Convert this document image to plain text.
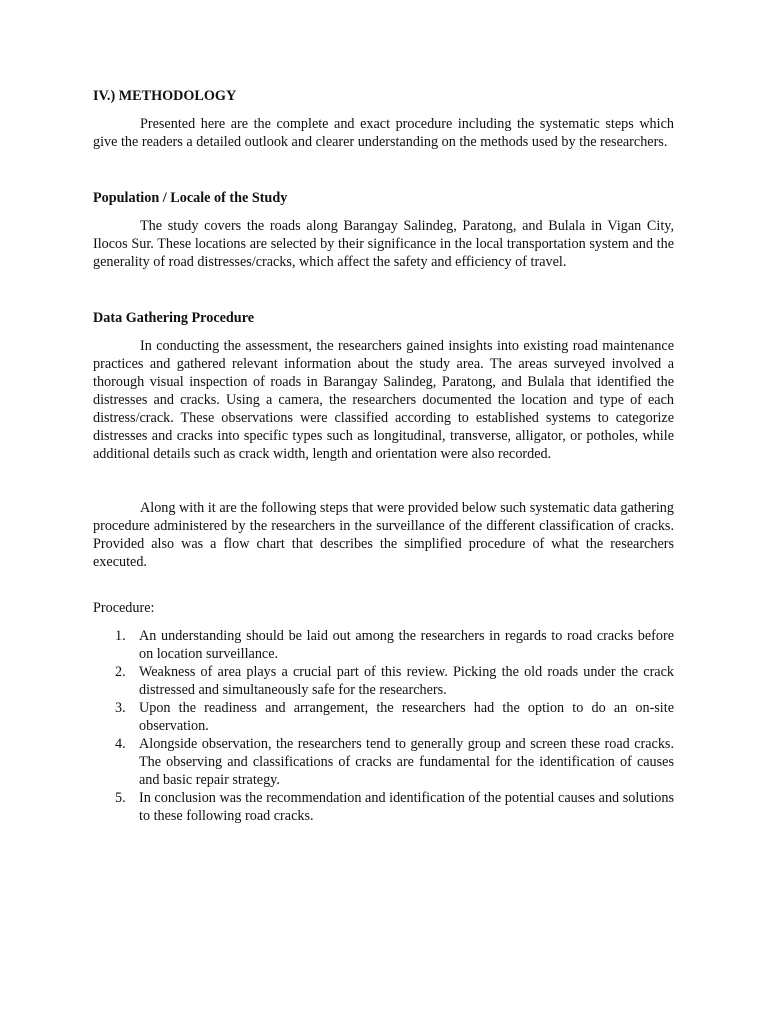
IV.) METHODOLOGY

Presented here are the complete and exact procedure including the systematic steps which give the readers a detailed outlook and clearer understanding on the methods used by the researchers.

Population / Locale of the Study

The study covers the roads along Barangay Salindeg, Paratong, and Bulala in Vigan City, Ilocos Sur. These locations are selected by their significance in the local transportation system and the generality of road distresses/cracks, which affect the safety and efficiency of travel.

Data Gathering Procedure

In conducting the assessment, the researchers gained insights into existing road maintenance practices and gathered relevant information about the study area. The areas surveyed involved a thorough visual inspection of roads in Barangay Salindeg, Paratong, and Bulala that identified the distresses and cracks. Using a camera, the researchers documented the location and type of each distress/crack. These observations were classified according to established systems to categorize distresses and cracks into specific types such as longitudinal, transverse, alligator, or potholes, while additional details such as crack width, length and orientation were also recorded.

Along with it are the following steps that were provided below such systematic data gathering procedure administered by the researchers in the surveillance of the different classification of cracks. Provided also was a flow chart that describes the simplified procedure of what the researchers executed.

Procedure:

1. An understanding should be laid out among the researchers in regards to road cracks before on location surveillance.
2. Weakness of area plays a crucial part of this review. Picking the old roads under the crack distressed and simultaneously safe for the researchers.
3. Upon the readiness and arrangement, the researchers had the option to do an on-site observation.
4. Alongside observation, the researchers tend to generally group and screen these road cracks. The observing and classifications of cracks are fundamental for the identification of causes and basic repair strategy.
5. In conclusion was the recommendation and identification of the potential causes and solutions to these following road cracks.
